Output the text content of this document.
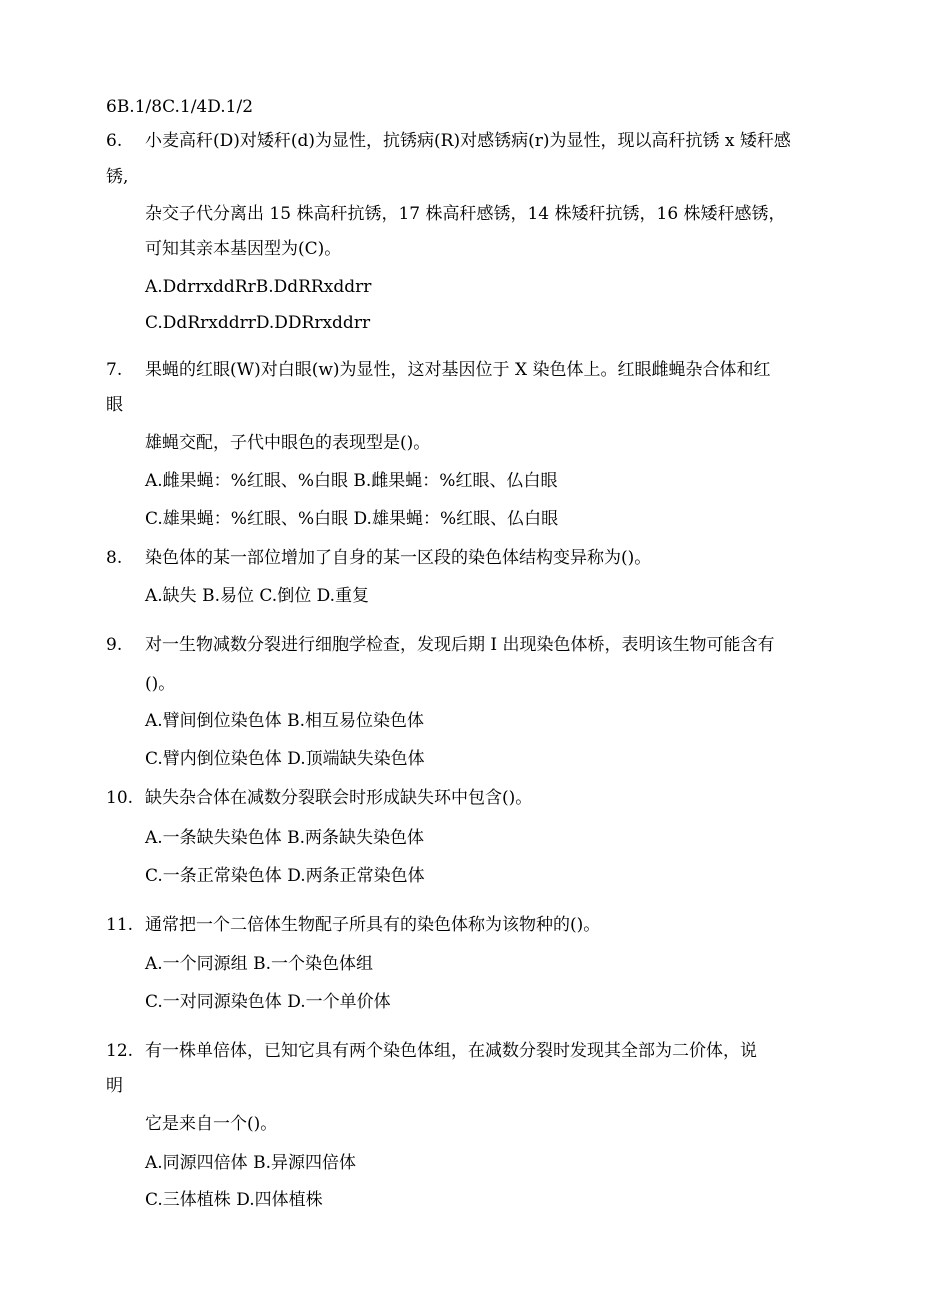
6B.1/8C.1/4D.1/2
6. 小麦高秆(D)对矮秆(d)为显性，抗锈病(R)对感锈病(r)为显性，现以高秆抗锈 x 矮秆感
锈,
杂交子代分离出 15 株高秆抗锈，17 株高秆感锈，14 株矮秆抗锈，16 株矮秆感锈，
可知其亲本基因型为(C)。
A.DdrrxddRrB.DdRRxddrr
C.DdRrxddrrD.DDRrxddrr
7. 果蝇的红眼(W)对白眼(w)为显性，这对基因位于 X 染色体上。红眼雌蝇杂合体和红
眼
雄蝇交配，子代中眼色的表现型是()。
A.雌果蝇：%红眼、%白眼 B.雌果蝇：%红眼、仏白眼
C.雄果蝇：%红眼、%白眼 D.雄果蝇：%红眼、仏白眼
8. 染色体的某一部位增加了自身的某一区段的染色体结构变异称为()。
A.缺失 B.易位 C.倒位 D.重复
9. 对一生物减数分裂进行细胞学检查，发现后期 I 出现染色体桥，表明该生物可能含有
()。
A.臂间倒位染色体 B.相互易位染色体
C.臂内倒位染色体 D.顶端缺失染色体
10. 缺失杂合体在减数分裂联会时形成缺失环中包含()。
A.一条缺失染色体 B.两条缺失染色体
C.一条正常染色体 D.两条正常染色体
11. 通常把一个二倍体生物配子所具有的染色体称为该物种的()。
A.一个同源组 B.一个染色体组
C.一对同源染色体 D.一个单价体
12. 有一株单倍体，已知它具有两个染色体组，在减数分裂时发现其全部为二价体，说
明
它是来自一个()。
A.同源四倍体 B.异源四倍体
C.三体植株 D.四体植株
